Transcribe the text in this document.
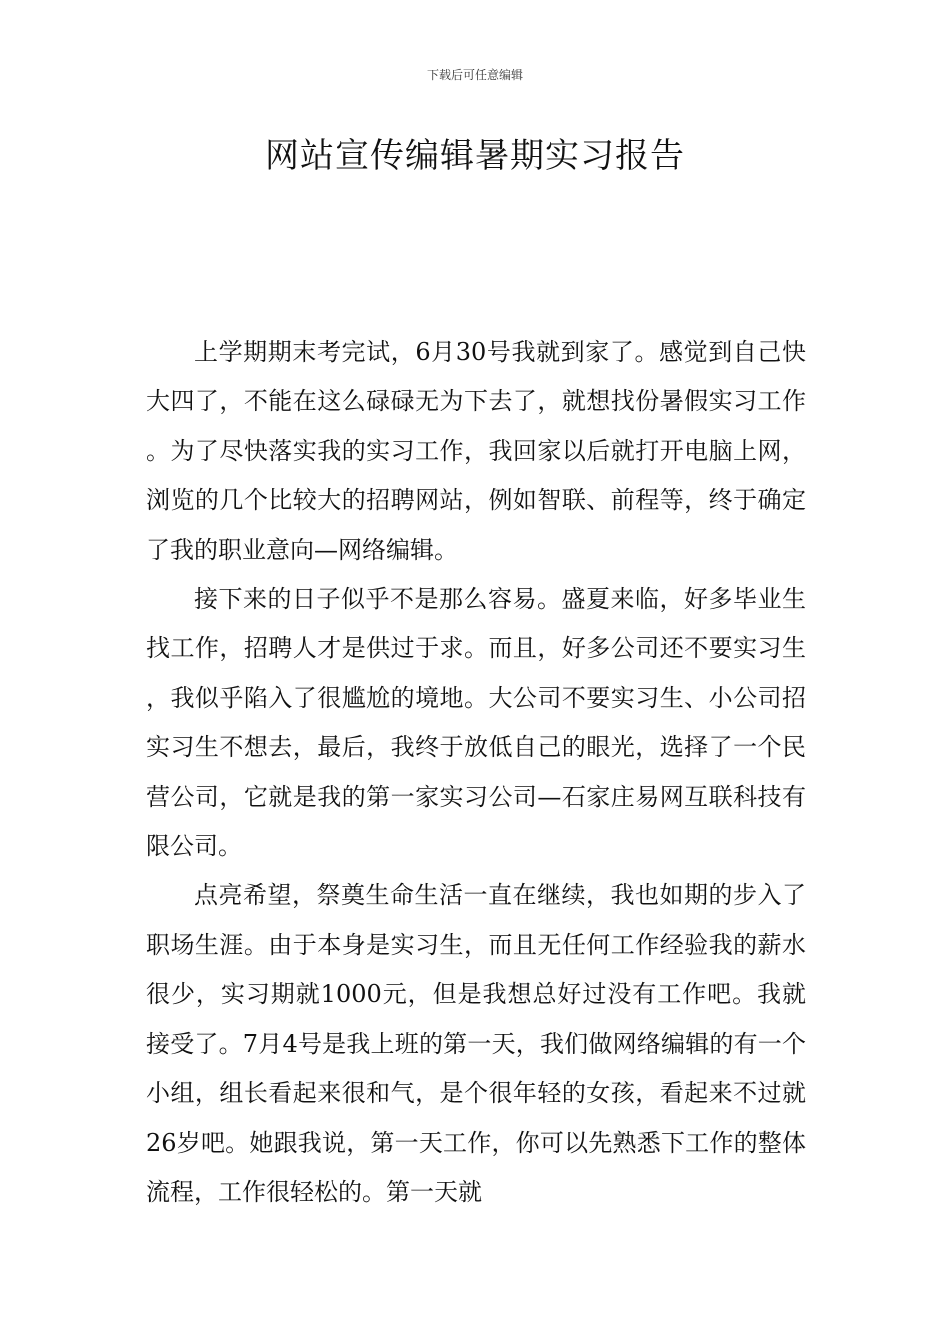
下载后可任意编辑
网站宣传编辑暑期实习报告

上学期期末考完试，6月30号我就到家了。感觉到自己快大四了，不能在这么碌碌无为下去了，就想找份暑假实习工作。为了尽快落实我的实习工作，我回家以后就打开电脑上网，浏览的几个比较大的招聘网站，例如智联、前程等，终于确定了我的职业意向—网络编辑。

接下来的日子似乎不是那么容易。盛夏来临，好多毕业生找工作，招聘人才是供过于求。而且，好多公司还不要实习生，我似乎陷入了很尴尬的境地。大公司不要实习生、小公司招实习生不想去，最后，我终于放低自己的眼光，选择了一个民营公司，它就是我的第一家实习公司—石家庄易网互联科技有限公司。

点亮希望，祭奠生命生活一直在继续，我也如期的步入了职场生涯。由于本身是实习生，而且无任何工作经验我的薪水很少，实习期就1000元，但是我想总好过没有工作吧。我就接受了。7月4号是我上班的第一天，我们做网络编辑的有一个小组，组长看起来很和气，是个很年轻的女孩，看起来不过就26岁吧。她跟我说，第一天工作，你可以先熟悉下工作的整体流程，工作很轻松的。第一天就
